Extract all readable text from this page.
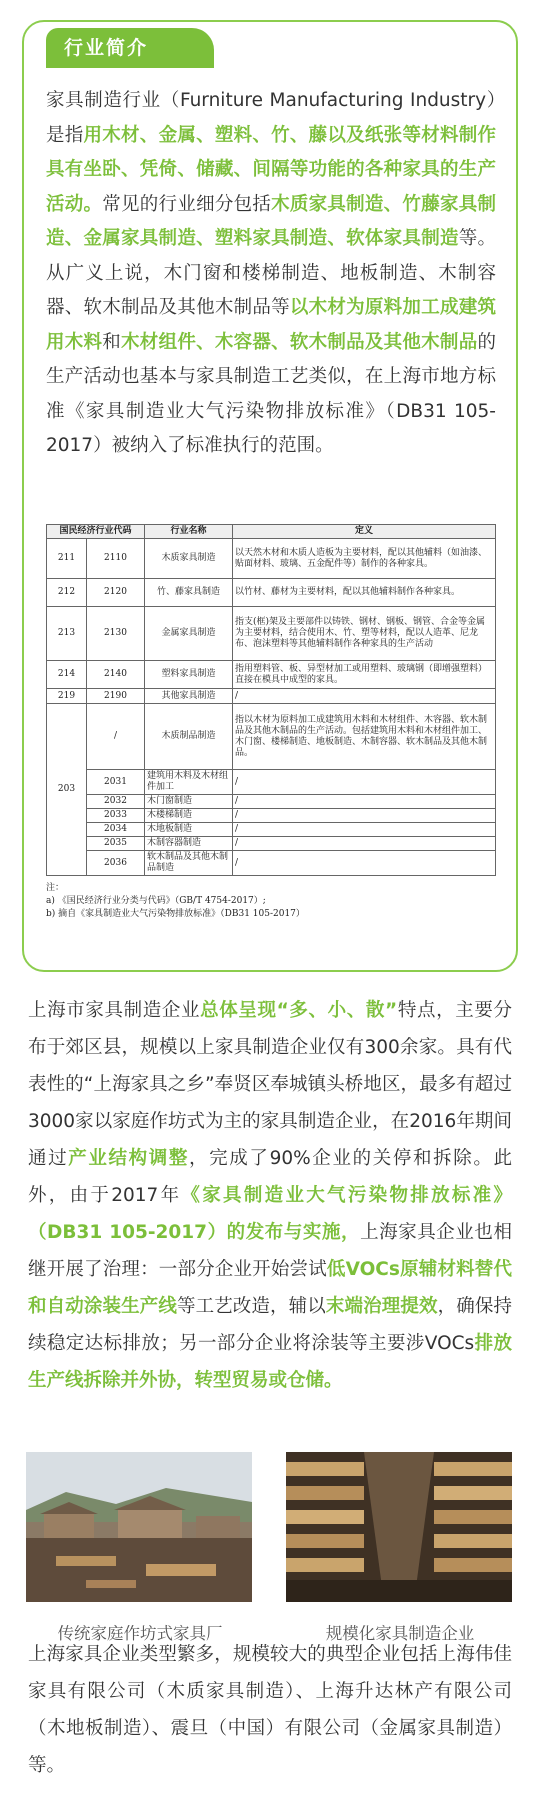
行业简介
家具制造行业（Furniture Manufacturing Industry）是指用木材、金属、塑料、竹、藤以及纸张等材料制作具有坐卧、凭倚、储藏、间隔等功能的各种家具的生产活动。常见的行业细分包括木质家具制造、竹藤家具制造、金属家具制造、塑料家具制造、软体家具制造等。从广义上说，木门窗和楼梯制造、地板制造、木制容器、软木制品及其他木制品等以木材为原料加工成建筑用木料和木材组件、木容器、软木制品及其他木制品的生产活动也基本与家具制造工艺类似，在上海市地方标准《家具制造业大气污染物排放标准》（DB31 105-2017）被纳入了标准执行的范围。
国民经济行业代码		行业名称	定义
211	2110	木质家具制造	以天然木材和木质人造板为主要材料，配以其他辅料（如油漆、贴面材料、玻璃、五金配件等）制作的各种家具。
212	2120	竹、藤家具制造	以竹材、藤材为主要材料，配以其他辅料制作各种家具。
213	2130	金属家具制造	指支(框)架及主要部件以铸铁、钢材、钢板、钢管、合金等金属为主要材料，结合使用木、竹、塑等材料，配以人造革、尼龙布、泡沫塑料等其他辅料制作各种家具的生产活动
214	2140	塑料家具制造	指用塑料管、板、异型材加工或用塑料、玻璃钢（即增强塑料）直接在模具中成型的家具。
219	2190	其他家具制造	/
203	/	木质制品制造	指以木材为原料加工成建筑用木料和木材组件、木容器、软木制品及其他木制品的生产活动。包括建筑用木料和木材组件加工、木门窗、楼梯制造、地板制造、木制容器、软木制品及其他木制品。
	2031	建筑用木料及木材组件加工	/
	2032	木门窗制造	/
	2033	木楼梯制造	/
	2034	木地板制造	/
	2035	木制容器制造	/
	2036	软木制品及其他木制品制造	/
注：
a) 《国民经济行业分类与代码》（GB/T 4754-2017）;
b) 摘自《家具制造业大气污染物排放标准》（DB31 105-2017）
上海市家具制造企业总体呈现“多、小、散”特点，主要分布于郊区县，规模以上家具制造企业仅有300余家。具有代表性的“上海家具之乡”奉贤区奉城镇头桥地区，最多有超过3000家以家庭作坊式为主的家具制造企业，在2016年期间通过产业结构调整，完成了90%企业的关停和拆除。此外，由于2017年《家具制造业大气污染物排放标准》（DB31 105-2017）的发布与实施，上海家具企业也相继开展了治理：一部分企业开始尝试低VOCs原辅材料替代和自动涂装生产线等工艺改造，辅以末端治理提效，确保持续稳定达标排放；另一部分企业将涂装等主要涉VOCs排放生产线拆除并外协，转型贸易或仓储。
传统家庭作坊式家具厂	规模化家具制造企业
上海家具企业类型繁多，规模较大的典型企业包括上海伟佳家具有限公司（木质家具制造）、上海升达林产有限公司（木地板制造）、震旦（中国）有限公司（金属家具制造）等。
